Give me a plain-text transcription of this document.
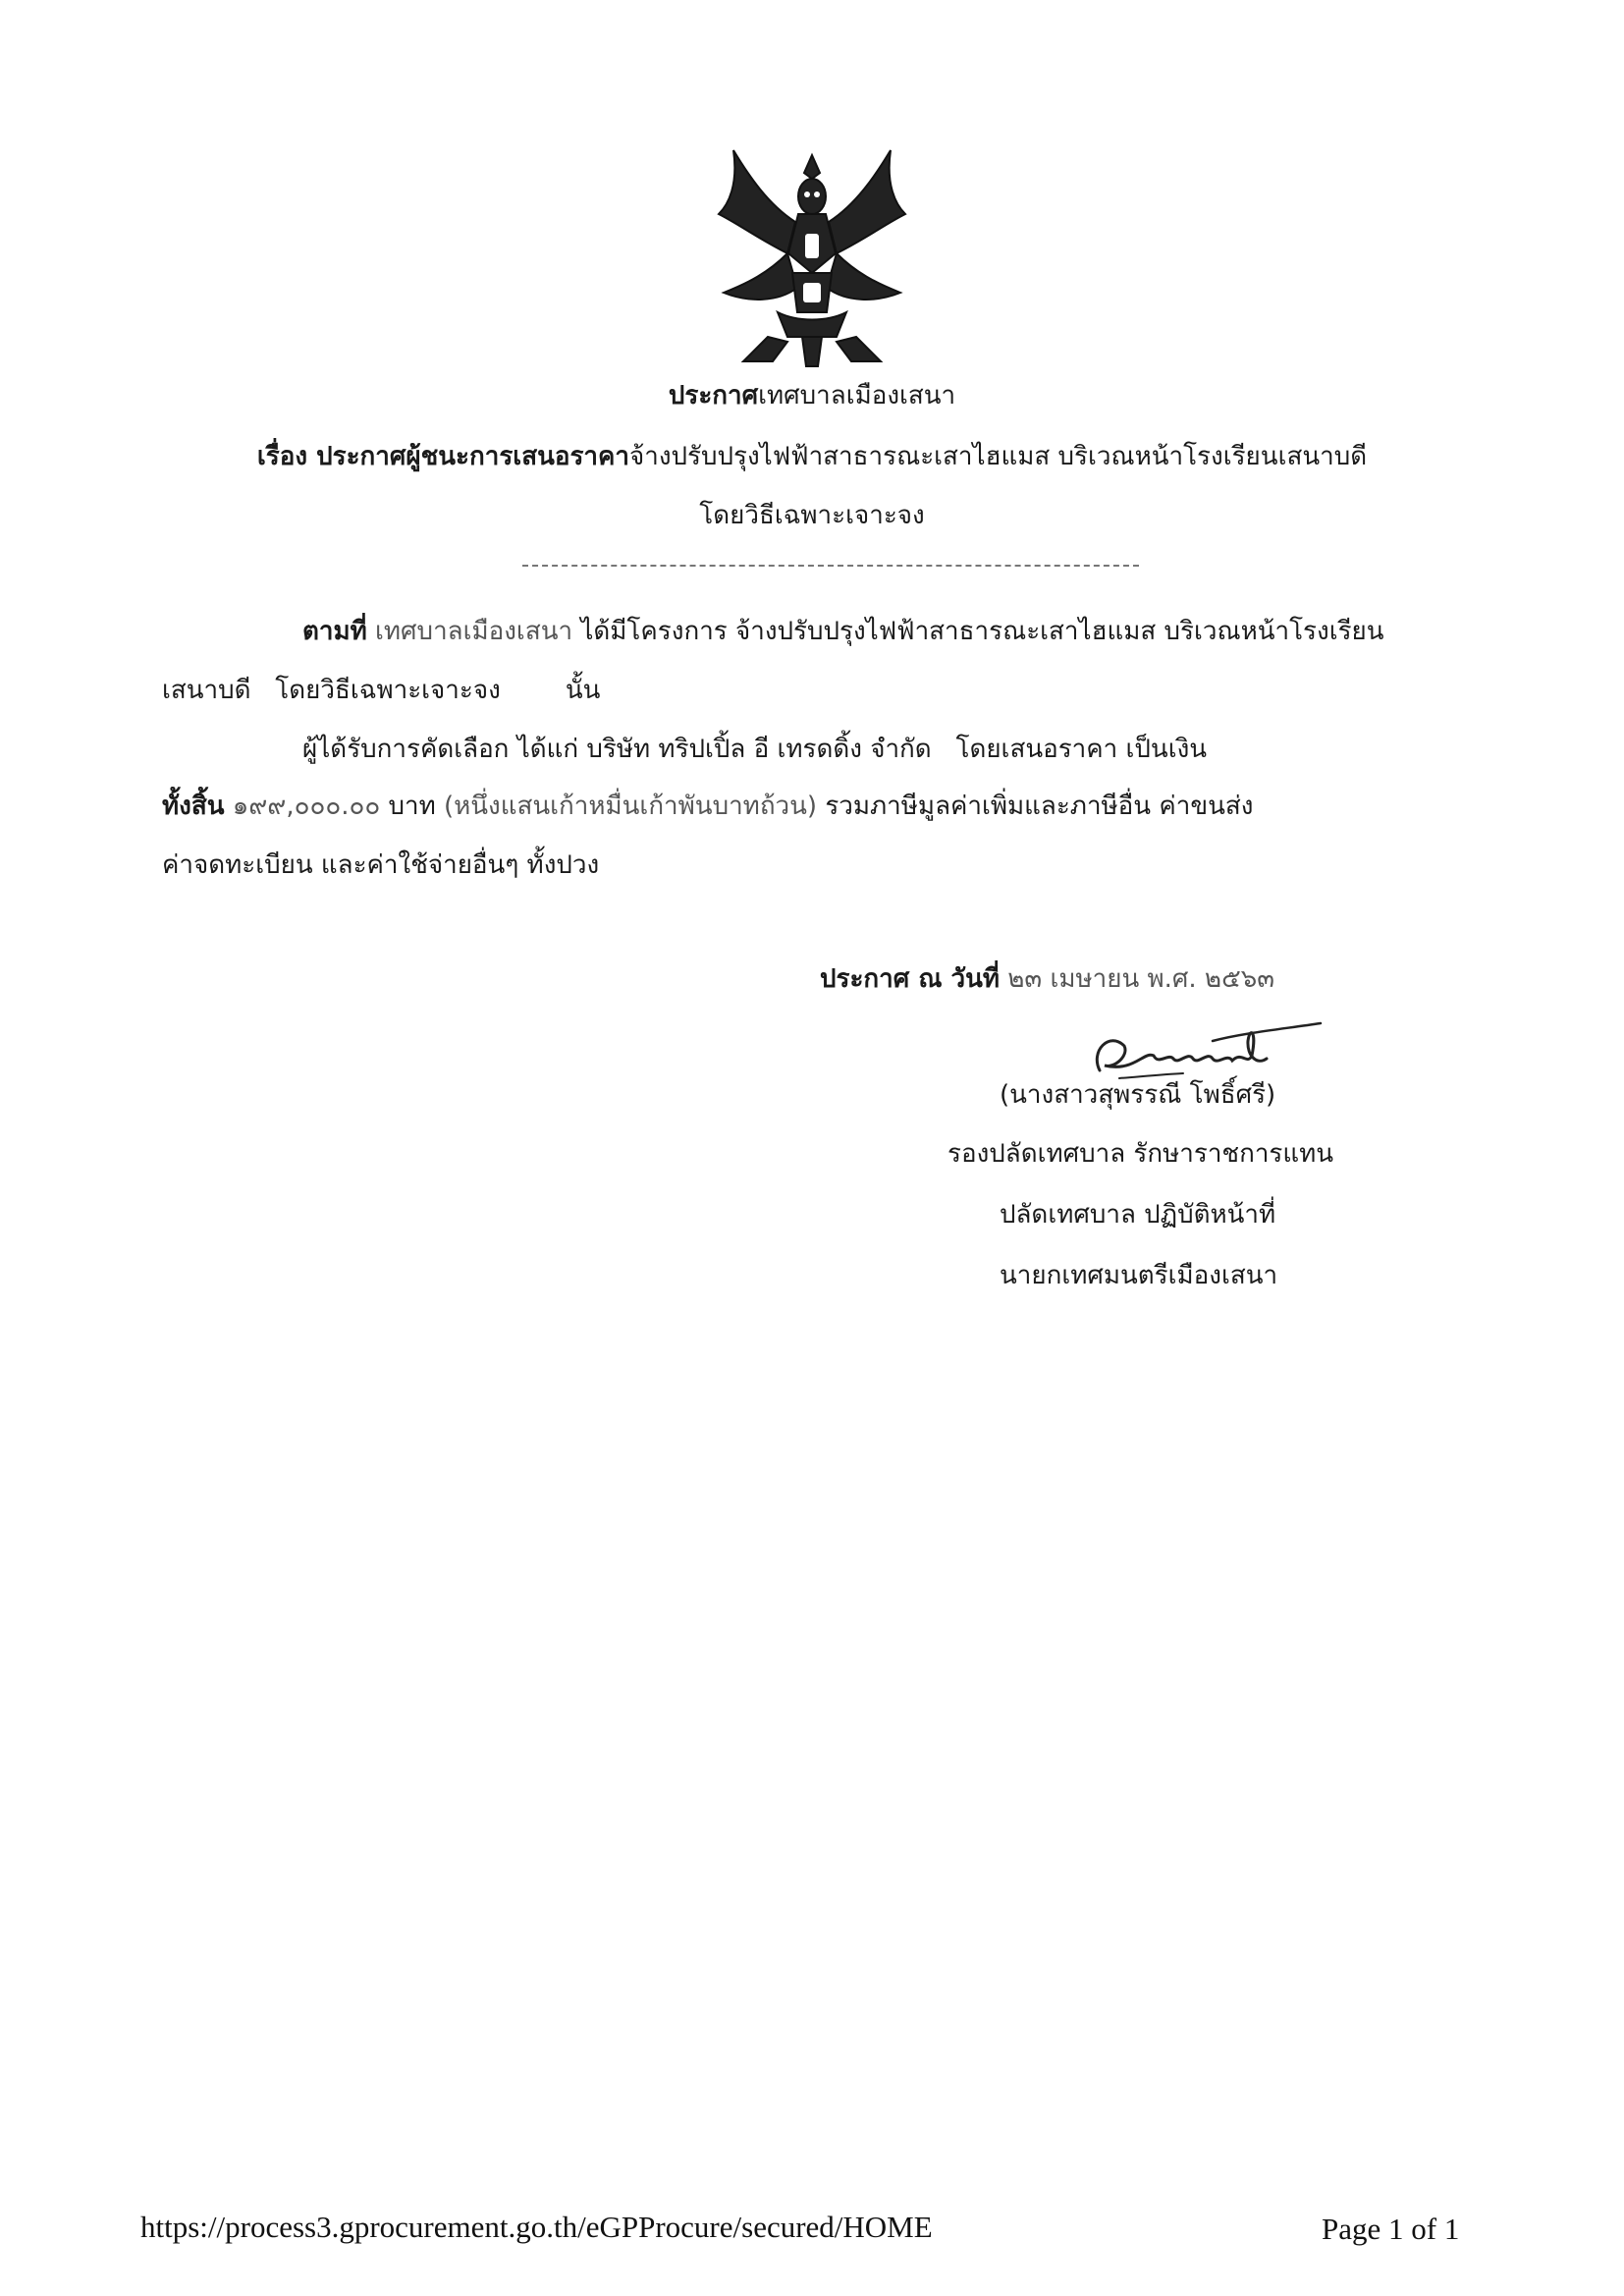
ประกาศเทศบาลเมืองเสนา
เรื่อง ประกาศผู้ชนะการเสนอราคาจ้างปรับปรุงไฟฟ้าสาธารณะเสาไฮแมส บริเวณหน้าโรงเรียนเสนาบดี
โดยวิธีเฉพาะเจาะจง
ตามที่ เทศบาลเมืองเสนา ได้มีโครงการ จ้างปรับปรุงไฟฟ้าสาธารณะเสาไฮแมส บริเวณหน้าโรงเรียน
เสนาบดี   โดยวิธีเฉพาะเจาะจง        นั้น
ผู้ได้รับการคัดเลือก ได้แก่ บริษัท ทริปเปิ้ล อี เทรดดิ้ง จำกัด   โดยเสนอราคา เป็นเงิน
ทั้งสิ้น ๑๙๙,๐๐๐.๐๐ บาท (หนึ่งแสนเก้าหมื่นเก้าพันบาทถ้วน) รวมภาษีมูลค่าเพิ่มและภาษีอื่น ค่าขนส่ง
ค่าจดทะเบียน และค่าใช้จ่ายอื่นๆ ทั้งปวง
ประกาศ ณ วันที่ ๒๓ เมษายน พ.ศ. ๒๕๖๓
(นางสาวสุพรรณี โพธิ์ศรี)
รองปลัดเทศบาล รักษาราชการแทน
ปลัดเทศบาล ปฏิบัติหน้าที่
นายกเทศมนตรีเมืองเสนา
https://process3.gprocurement.go.th/eGPProcure/secured/HOME	Page 1 of 1
